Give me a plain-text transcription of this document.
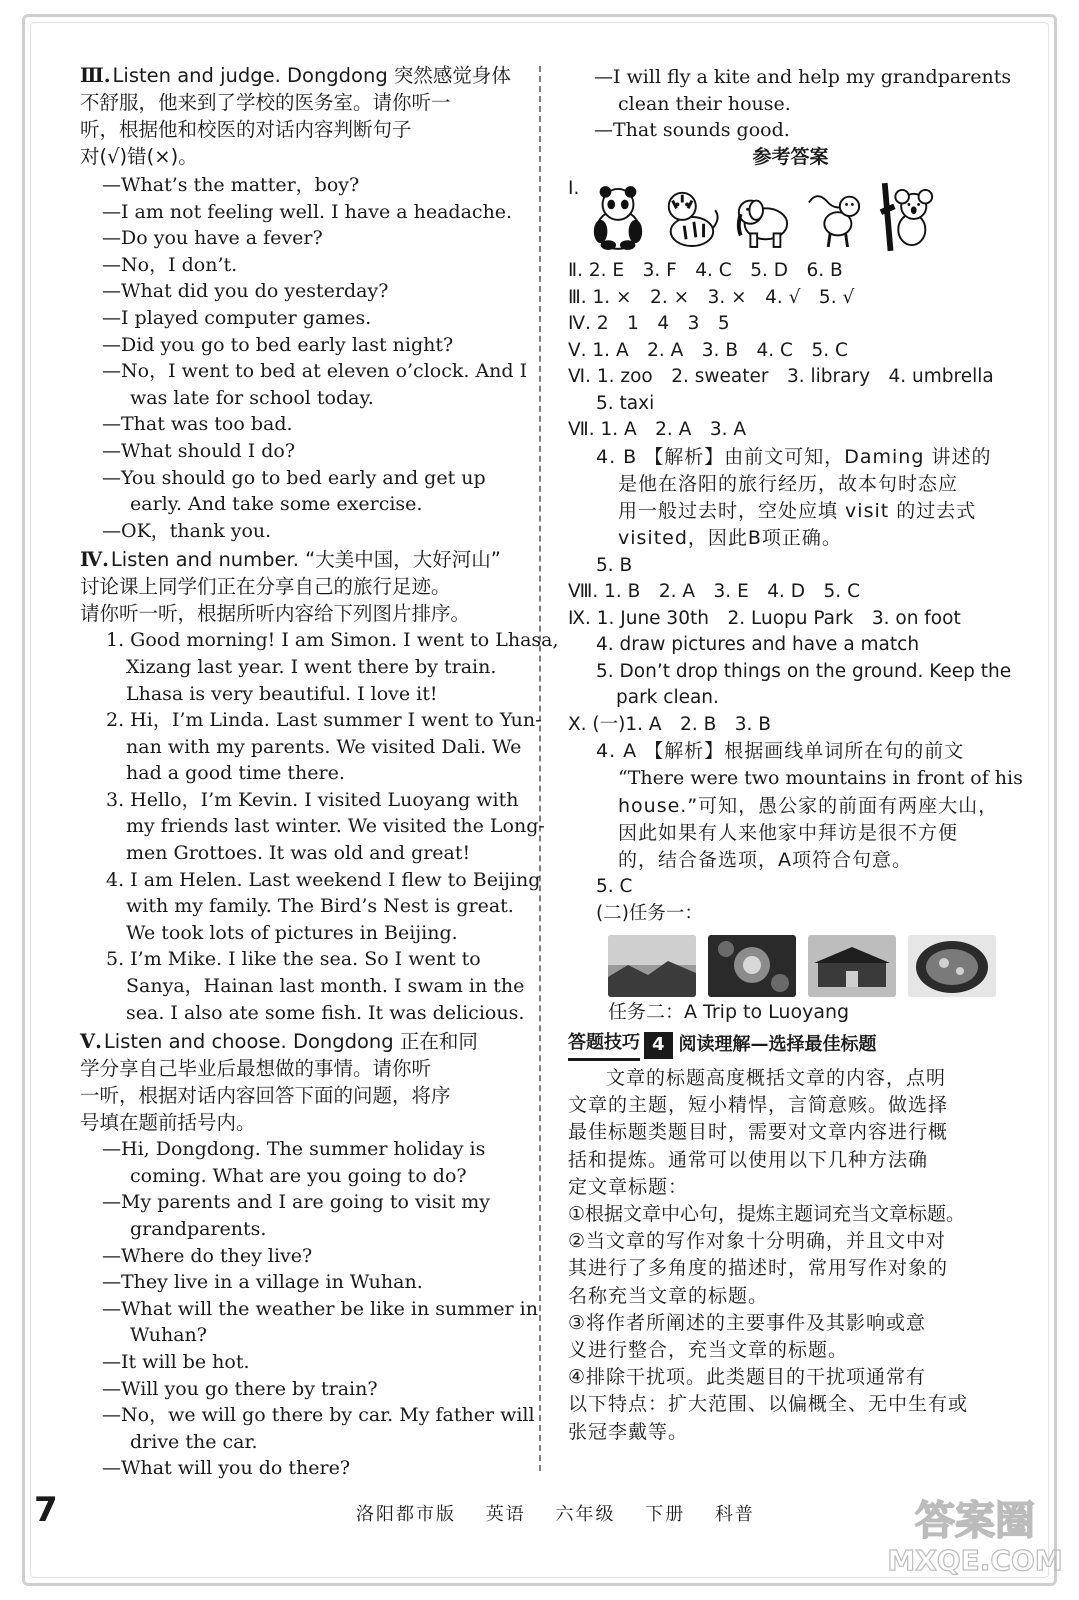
Ⅲ. Listen and judge. Dongdong 突然感觉身体
不舒服，他来到了学校的医务室。请你听一
听，根据他和校医的对话内容判断句子
对(√)错(×)。
—What’s the matter，boy?
—I am not feeling well. I have a headache.
—Do you have a fever?
—No，I don’t.
—What did you do yesterday?
—I played computer games.
—Did you go to bed early last night?
—No，I went to bed at eleven o’clock. And I
was late for school today.
—That was too bad.
—What should I do?
—You should go to bed early and get up
early. And take some exercise.
—OK，thank you.
Ⅳ. Listen and number. “大美中国，大好河山”
讨论课上同学们正在分享自己的旅行足迹。
请你听一听，根据所听内容给下列图片排序。
1. Good morning! I am Simon. I went to Lhasa,
Xizang last year. I went there by train.
Lhasa is very beautiful. I love it!
2. Hi，I’m Linda. Last summer I went to Yun-
nan with my parents. We visited Dali. We
had a good time there.
3. Hello，I’m Kevin. I visited Luoyang with
my friends last winter. We visited the Long-
men Grottoes. It was old and great!
4. I am Helen. Last weekend I flew to Beijing
with my family. The Bird’s Nest is great.
We took lots of pictures in Beijing.
5. I’m Mike. I like the sea. So I went to
Sanya，Hainan last month. I swam in the
sea. I also ate some fish. It was delicious.
Ⅴ. Listen and choose. Dongdong 正在和同
学分享自己毕业后最想做的事情。请你听
一听，根据对话内容回答下面的问题，将序
号填在题前括号内。
—Hi, Dongdong. The summer holiday is
coming. What are you going to do?
—My parents and I are going to visit my
grandparents.
—Where do they live?
—They live in a village in Wuhan.
—What will the weather be like in summer in
Wuhan?
—It will be hot.
—Will you go there by train?
—No，we will go there by car. My father will
drive the car.
—What will you do there?
—I will fly a kite and help my grandparents
clean their house.
—That sounds good.
参考答案
Ⅰ.
Ⅱ. 2. E　3. F　4. C　5. D　6. B
Ⅲ. 1. ×　2. ×　3. ×　4. √　5. √
Ⅳ. 2　1　4　3　5
Ⅴ. 1. A　2. A　3. B　4. C　5. C
Ⅵ. 1. zoo　2. sweater　3. library　4. umbrella
5. taxi
Ⅶ. 1. A　2. A　3. A
4. B 【解析】由前文可知，Daming 讲述的
是他在洛阳的旅行经历，故本句时态应
用一般过去时，空处应填 visit 的过去式
visited，因此B项正确。
5. B
Ⅷ. 1. B　2. A　3. E　4. D　5. C
Ⅸ. 1. June 30th　2. Luopu Park　3. on foot
4. draw pictures and have a match
5. Don’t drop things on the ground. Keep the
park clean.
Ⅹ. (一)1. A　2. B　3. B
4. A 【解析】根据画线单词所在句的前文
“There were two mountains in front of his
house.”可知，愚公家的前面有两座大山，
因此如果有人来他家中拜访是很不方便
的，结合备选项，A项符合句意。
5. C
(二)任务一：
任务二：A Trip to Luoyang
答题技巧 4 阅读理解—选择最佳标题
文章的标题高度概括文章的内容，点明
文章的主题，短小精悍，言简意赅。做选择
最佳标题类题目时，需要对文章内容进行概
括和提炼。通常可以使用以下几种方法确
定文章标题：
①根据文章中心句，提炼主题词充当文章标题。
②当文章的写作对象十分明确，并且文中对
其进行了多角度的描述时，常用写作对象的
名称充当文章的标题。
③将作者所阐述的主要事件及其影响或意
义进行整合，充当文章的标题。
④排除干扰项。此类题目的干扰项通常有
以下特点：扩大范围、以偏概全、无中生有或
张冠李戴等。
7	洛阳都市版 英语 六年级 下册 科普	答案圈
MXQE.COM
